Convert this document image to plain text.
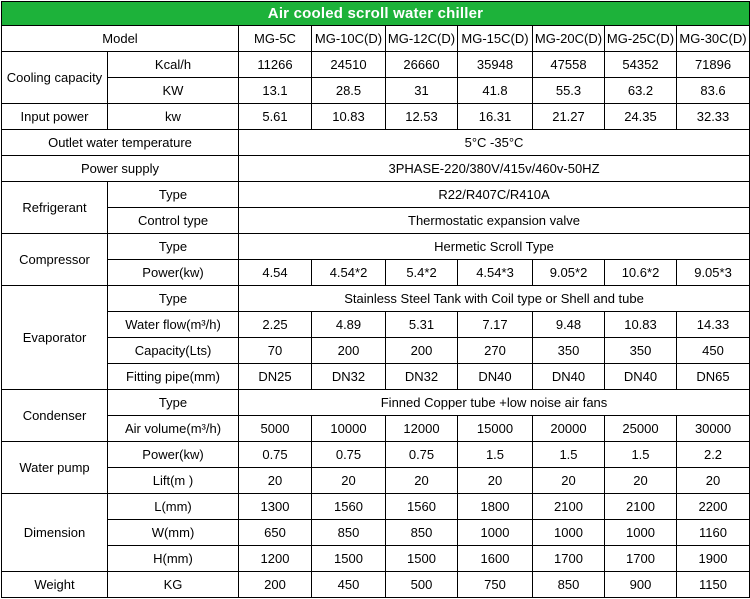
Air cooled scroll water chiller								
Model		MG-5C	MG-10C(D)	MG-12C(D)	MG-15C(D)	MG-20C(D)	MG-25C(D)	MG-30C(D)
Cooling capacity	Kcal/h	11266	24510	26660	35948	47558	54352	71896
	KW	13.1	28.5	31	41.8	55.3	63.2	83.6
Input power	kw	5.61	10.83	12.53	16.31	21.27	24.35	32.33
Outlet water temperature		5°C -35°C						
Power supply		3PHASE-220/380V/415v/460v-50HZ						
Refrigerant	Type	R22/R407C/R410A						
	Control type	Thermostatic expansion valve						
Compressor	Type	Hermetic Scroll Type						
	Power(kw)	4.54	4.54*2	5.4*2	4.54*3	9.05*2	10.6*2	9.05*3
Evaporator	Type	Stainless Steel Tank with Coil type or Shell and tube						
	Water flow(m³/h)	2.25	4.89	5.31	7.17	9.48	10.83	14.33
	Capacity(Lts)	70	200	200	270	350	350	450
	Fitting pipe(mm)	DN25	DN32	DN32	DN40	DN40	DN40	DN65
Condenser	Type	Finned Copper tube +low noise air fans						
	Air volume(m³/h)	5000	10000	12000	15000	20000	25000	30000
Water pump	Power(kw)	0.75	0.75	0.75	1.5	1.5	1.5	2.2
	Lift(m )	20	20	20	20	20	20	20
Dimension	L(mm)	1300	1560	1560	1800	2100	2100	2200
	W(mm)	650	850	850	1000	1000	1000	1160
	H(mm)	1200	1500	1500	1600	1700	1700	1900
Weight	KG	200	450	500	750	850	900	1150
